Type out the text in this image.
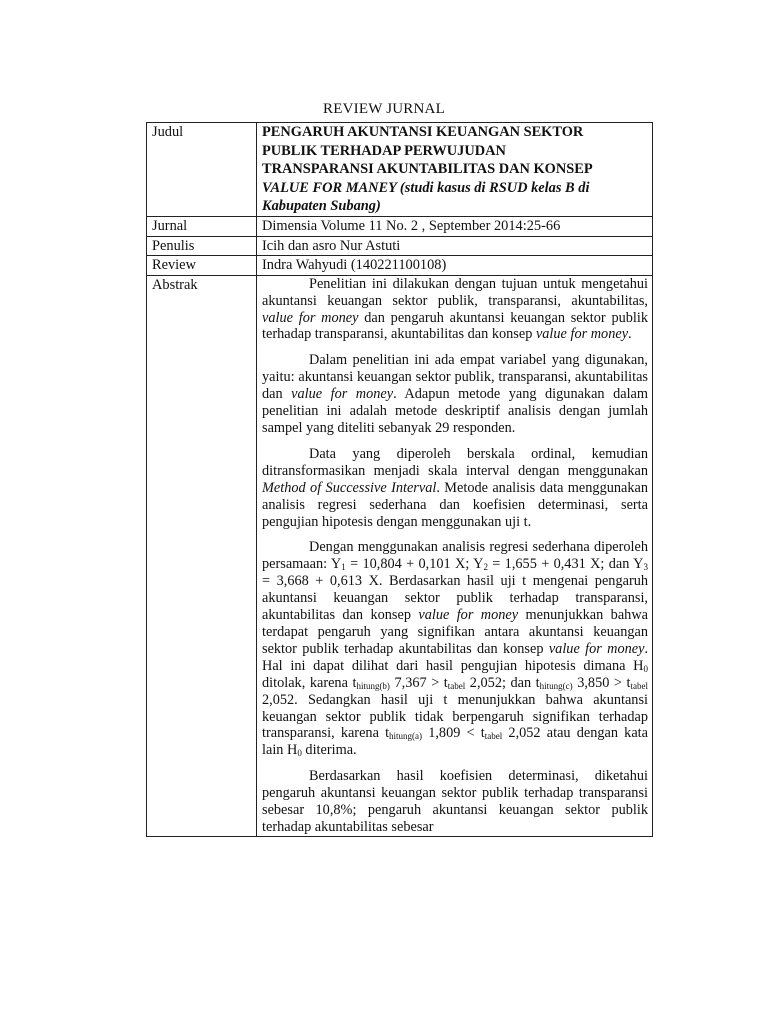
REVIEW JURNAL
Judul	PENGARUH AKUNTANSI KEUANGAN SEKTOR
PUBLIK TERHADAP PERWUJUDAN
TRANSPARANSI AKUNTABILITAS DAN KONSEP
VALUE FOR MANEY (studi kasus di RSUD kelas B di
Kabupaten Subang)

Jurnal	Dimensia Volume 11 No. 2 , September 2014:25-66
Penulis	Icih dan asro Nur Astuti
Review	Indra Wahyudi (140221100108)
Abstrak	Penelitian ini dilakukan dengan tujuan untuk mengetahui akuntansi keuangan sektor publik, transparansi, akuntabilitas, value for money dan pengaruh akuntansi keuangan sektor publik terhadap transparansi, akuntabilitas dan konsep value for money.

Dalam penelitian ini ada empat variabel yang digunakan, yaitu: akuntansi keuangan sektor publik, transparansi, akuntabilitas dan value for money. Adapun metode yang digunakan dalam penelitian ini adalah metode deskriptif analisis dengan jumlah sampel yang diteliti sebanyak 29 responden.

Data yang diperoleh berskala ordinal, kemudian ditransformasikan menjadi skala interval dengan menggunakan Method of Successive Interval. Metode analisis data menggunakan analisis regresi sederhana dan koefisien determinasi, serta pengujian hipotesis dengan menggunakan uji t.

Dengan menggunakan analisis regresi sederhana diperoleh persamaan: $Y_1 = 10,804 + 0,101$ X; $Y_2 = 1,655 + 0,431$ X; dan $Y_3 = 3,668 + 0,613$ X. Berdasarkan hasil uji t mengenai pengaruh akuntansi keuangan sektor publik terhadap transparansi, akuntabilitas dan konsep value for money menunjukkan bahwa terdapat pengaruh yang signifikan antara akuntansi keuangan sektor publik terhadap akuntabilitas dan konsep value for money. Hal ini dapat dilihat dari hasil pengujian hipotesis dimana $H_0$ ditolak, karena $t_{hitung(b)}$ $7,367 > t_{tabel}$ 2,052; dan $t_{hitung(c)}$ $3,850 > t_{tabel}$ 2,052. Sedangkan hasil uji t menunjukkan bahwa akuntansi keuangan sektor publik tidak berpengaruh signifikan terhadap transparansi, karena $t_{hitung(a)}$ $1,809 < t_{tabel}$ 2,052 atau dengan kata lain $H_0$ diterima.

Berdasarkan hasil koefisien determinasi, diketahui pengaruh akuntansi keuangan sektor publik terhadap transparansi sebesar 10,8%; pengaruh akuntansi keuangan sektor publik terhadap akuntabilitas sebesar
